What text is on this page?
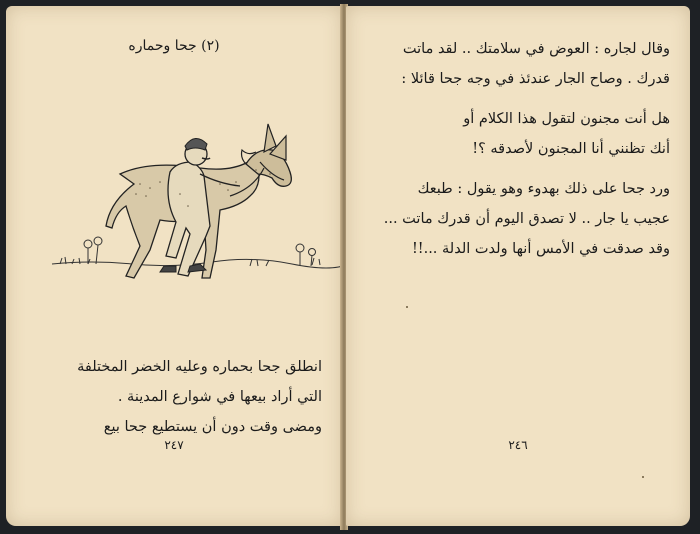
(٢) جحا وحماره

انطلق جحا بحماره وعليه الخضر المختلفة

التي أراد بيعها في شوارع المدينة .

ومضى وقت دون أن يستطيع جحا بيع

٢٤٧

وقال لجاره : العوض في سلامتك .. لقد ماتت

قدرك . وصاح الجار عندئذ في وجه جحا قائلا :

هل أنت مجنون لتقول هذا الكلام أو

أنك تظنني أنا المجنون لأصدقه ؟!

ورد جحا على ذلك بهدوء وهو يقول : طبعك

عجيب يا جار .. لا تصدق اليوم أن قدرك ماتت ...

وقد صدقت في الأمس أنها ولدت الدلة ...!!

٢٤٦
